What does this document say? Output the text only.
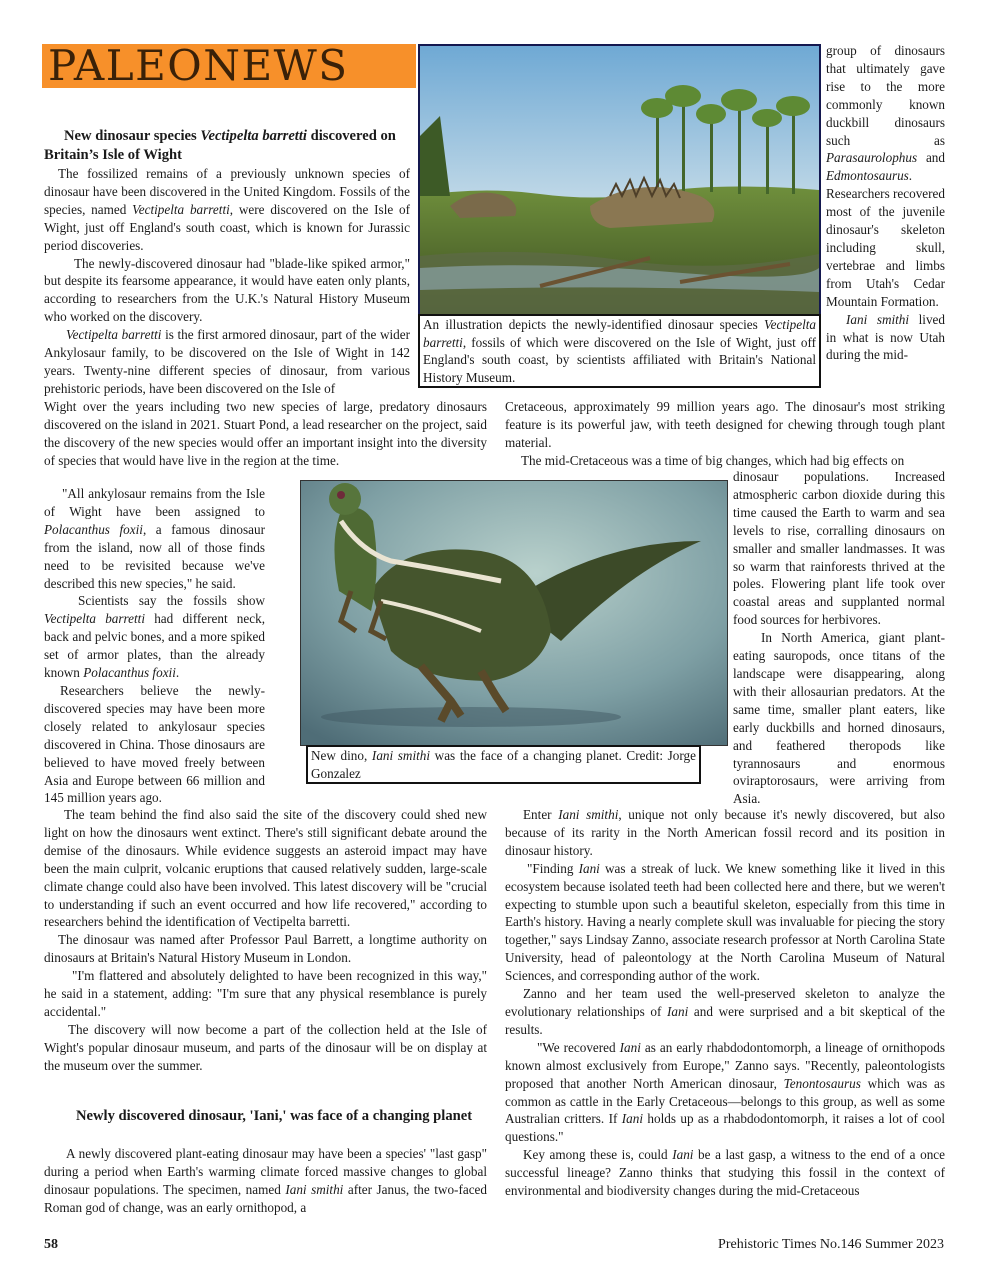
PALEONEWS
An illustration depicts the newly-identified dinosaur species Vectipelta barretti, fossils of which were discovered on the Isle of Wight, just off England's south coast, by scientists affiliated with Britain's National History Museum.
New dino, Iani smithi was the face of a changing planet. Credit: Jorge Gonzalez
New dinosaur species Vectipelta barretti discovered on Britain’s Isle of Wight

The fossilized remains of a previously unknown species of dinosaur have been discovered in the United Kingdom. Fossils of the species, named Vectipelta barretti, were discovered on the Isle of Wight, just off England's south coast, which is known for Jurassic period discoveries.

The newly-discovered dinosaur had "blade-like spiked armor," but despite its fearsome appearance, it would have eaten only plants, according to researchers from the U.K.'s Natural History Museum who worked on the discovery.

Vectipelta barretti is the first armored dinosaur, part of the wider Ankylosaur family, to be discovered on the Isle of Wight in 142 years. Twenty-nine different species of dinosaur, from various prehistoric periods, have been discovered on the Isle of

Wight over the years including two new species of large, predatory dinosaurs discovered on the island in 2021. Stuart Pond, a lead researcher on the project, said the discovery of the new species would offer an important insight into the diversity of species that would have live in the region at the time.

"All ankylosaur remains from the Isle of Wight have been assigned to Polacanthus foxii, a famous dinosaur from the island, now all of those finds need to be revisited because we've described this new species," he said.

Scientists say the fossils show Vectipelta barretti had different neck, back and pelvic bones, and a more spiked set of armor plates, than the already known Polacanthus foxii.

Researchers believe the newly-discovered species may have been more closely related to ankylosaur species discovered in China. Those dinosaurs are believed to have moved freely between Asia and Europe between 66 million and 145 million years ago.

The team behind the find also said the site of the discovery could shed new light on how the dinosaurs went extinct. There's still significant debate around the demise of the dinosaurs. While evidence suggests an asteroid impact may have been the main culprit, volcanic eruptions that caused relatively sudden, large-scale climate change could also have been involved. This latest discovery will be "crucial to understanding if such an event occurred and how life recovered," according to researchers behind the identification of Vectipelta barretti.

The dinosaur was named after Professor Paul Barrett, a longtime authority on dinosaurs at Britain's Natural History Museum in London.

"I'm flattered and absolutely delighted to have been recognized in this way," he said in a statement, adding: "I'm sure that any physical resemblance is purely accidental."

The discovery will now become a part of the collection held at the Isle of Wight's popular dinosaur museum, and parts of the dinosaur will be on display at the museum over the summer.

Newly discovered dinosaur, 'Iani,' was face of a changing planet

A newly discovered plant-eating dinosaur may have been a species' "last gasp" during a period when Earth's warming climate forced massive changes to global dinosaur populations. The specimen, named Iani smithi after Janus, the two-faced Roman god of change, was an early ornithopod, a

group of dinosaurs that ultimately gave rise to the more commonly known duckbill dinosaurs such as Parasaurolophus and Edmontosaurus. Researchers recovered most of the juvenile dinosaur's skeleton including skull, vertebrae and limbs from Utah's Cedar Mountain Formation.

Iani smithi lived in what is now Utah during the mid-

Cretaceous, approximately 99 million years ago. The dinosaur's most striking feature is its powerful jaw, with teeth designed for chewing through tough plant material.

The mid-Cretaceous was a time of big changes, which had big effects on

dinosaur populations. Increased atmospheric carbon dioxide during this time caused the Earth to warm and sea levels to rise, corralling dinosaurs on smaller and smaller landmasses. It was so warm that rainforests thrived at the poles. Flowering plant life took over coastal areas and supplanted normal food sources for herbivores.

In North America, giant plant-eating sauropods, once titans of the landscape were disappearing, along with their allosaurian predators. At the same time, smaller plant eaters, like early duckbills and horned dinosaurs, and feathered theropods like tyrannosaurs and enormous oviraptorosaurs, were arriving from Asia.

Enter Iani smithi, unique not only because it's newly discovered, but also because of its rarity in the North American fossil record and its position in dinosaur history.

"Finding Iani was a streak of luck. We knew something like it lived in this ecosystem because isolated teeth had been collected here and there, but we weren't expecting to stumble upon such a beautiful skeleton, especially from this time in Earth's history. Having a nearly complete skull was invaluable for piecing the story together," says Lindsay Zanno, associate research professor at North Carolina State University, head of paleontology at the North Carolina Museum of Natural Sciences, and corresponding author of the work.

Zanno and her team used the well-preserved skeleton to analyze the evolutionary relationships of Iani and were surprised and a bit skeptical of the results.

"We recovered Iani as an early rhabdodontomorph, a lineage of ornithopods known almost exclusively from Europe," Zanno says. "Recently, paleontologists proposed that another North American dinosaur, Tenontosaurus which was as common as cattle in the Early Cretaceous—belongs to this group, as well as some Australian critters. If Iani holds up as a rhabdodontomorph, it raises a lot of cool questions."

Key among these is, could Iani be a last gasp, a witness to the end of a once successful lineage? Zanno thinks that studying this fossil in the context of environmental and biodiversity changes during the mid-Cretaceous

58	Prehistoric Times No.146 Summer 2023
